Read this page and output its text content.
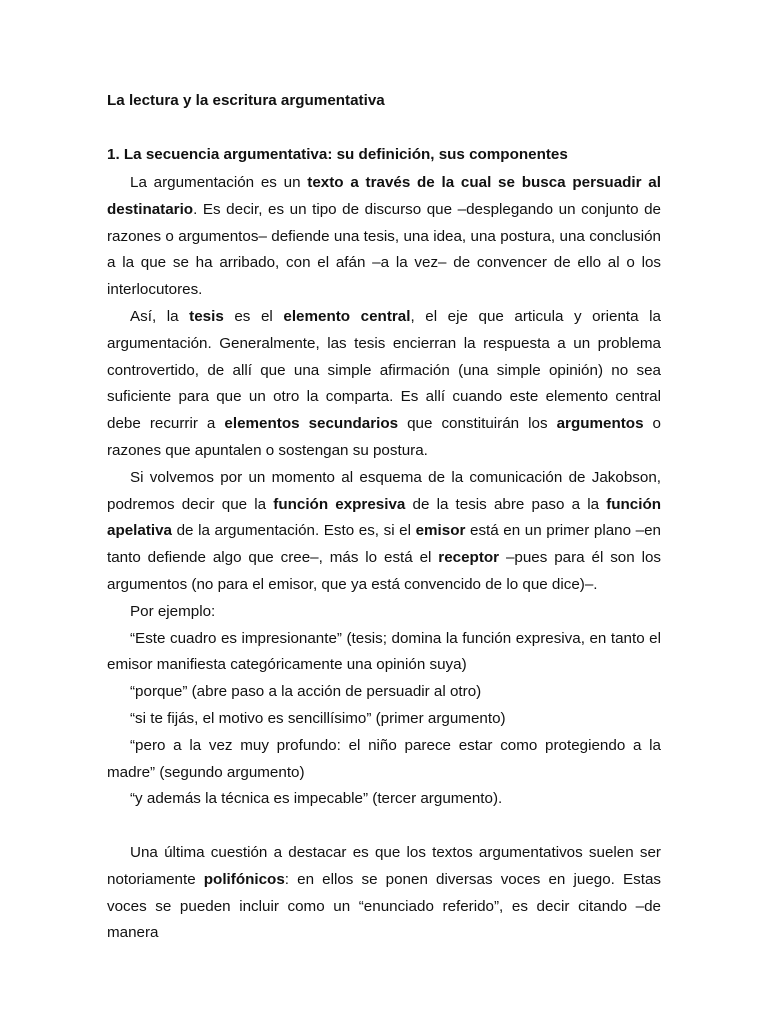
La lectura y la escritura argumentativa

1. La secuencia argumentativa: su definición, sus componentes

La argumentación es un texto a través de la cual se busca persuadir al destinatario. Es decir, es un tipo de discurso que –desplegando un conjunto de razones o argumentos– defiende una tesis, una idea, una postura, una conclusión a la que se ha arribado, con el afán –a la vez– de convencer de ello al o los interlocutores.

Así, la tesis es el elemento central, el eje que articula y orienta la argumentación. Generalmente, las tesis encierran la respuesta a un problema controvertido, de allí que una simple afirmación (una simple opinión) no sea suficiente para que un otro la comparta. Es allí cuando este elemento central debe recurrir a elementos secundarios que constituirán los argumentos o razones que apuntalen o sostengan su postura.

Si volvemos por un momento al esquema de la comunicación de Jakobson, podremos decir que la función expresiva de la tesis abre paso a la función apelativa de la argumentación. Esto es, si el emisor está en un primer plano –en tanto defiende algo que cree–, más lo está el receptor –pues para él son los argumentos (no para el emisor, que ya está convencido de lo que dice)–.

Por ejemplo:

“Este cuadro es impresionante” (tesis; domina la función expresiva, en tanto el emisor manifiesta categóricamente una opinión suya)

“porque” (abre paso a la acción de persuadir al otro)

“si te fijás, el motivo es sencillísimo” (primer argumento)

“pero a la vez muy profundo: el niño parece estar como protegiendo a la madre” (segundo argumento)

“y además la técnica es impecable” (tercer argumento).

Una última cuestión a destacar es que los textos argumentativos suelen ser notoriamente polifónicos: en ellos se ponen diversas voces en juego. Estas voces se pueden incluir como un “enunciado referido”, es decir citando –de manera
